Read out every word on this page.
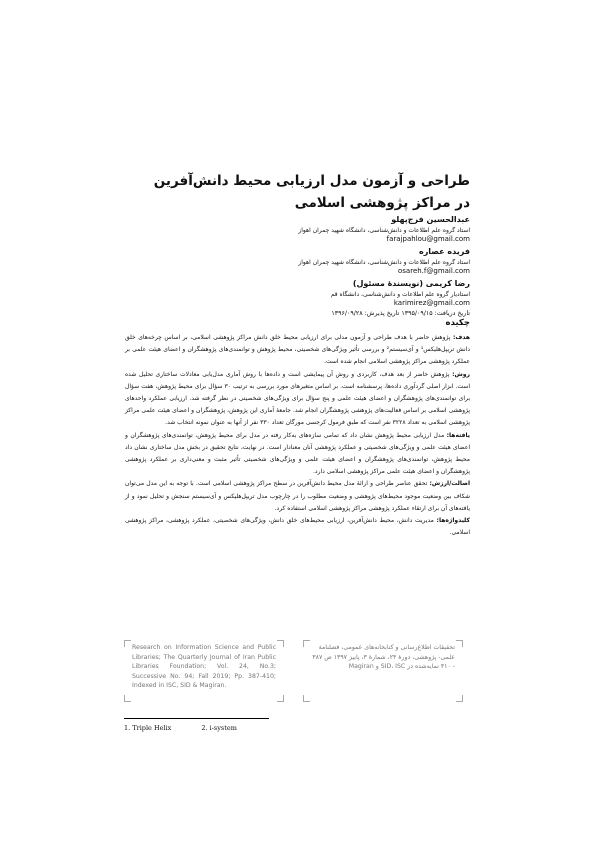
طراحی و آزمون مدل ارزیابی محیط دانش‌آفرین
در مراکز پژوهشی اسلامی
عبدالحسین فرج‌پهلو
استاد گروه علم اطلاعات و دانش‌شناسی، دانشگاه شهید چمران اهواز
farajpahlou@gmail.com
فریده عصاره
استاد گروه علم اطلاعات و دانش‌شناسی، دانشگاه شهید چمران اهواز
osareh.f@gmail.com
رضا کریمی (نویسندهٔ مسئول)
استادیار گروه علم اطلاعات و دانش‌شناسی، دانشگاه قم
karimirez@gmail.com
تاریخ دریافت: ۱۳۹۵/۰۹/۱۵ تاریخ پذیرش: ۱۳۹۶/۰۹/۲۸
چکیده

هدف: پژوهش حاضر با هدف طراحی و آزمون مدلی برای ارزیابی محیط خلق دانش مراکز پژوهشی اسلامی، بر اساس چرخه‌های خلق دانش تریپل‌هلیکس¹ و آی‌سیستم² و بررسی تأثیر ویژگی‌های شخصیتی، محیط پژوهش و توانمندی‌های پژوهشگران و اعضای هیئت علمی بر عملکرد پژوهشی مراکز پژوهشی اسلامی انجام شده است.

روش: پژوهش حاضر از بعد هدف، کاربردی و روش آن پیمایشی است و داده‌ها با روش آماری مدل‌یابی معادلات ساختاری تحلیل شده است. ابزار اصلی گردآوری داده‌ها، پرسشنامه است. بر اساس متغیرهای مورد بررسی به ترتیب ۳۰ سؤال برای محیط پژوهش، هفت سؤال برای توانمندی‌های پژوهشگران و اعضای هیئت علمی و پنج سؤال برای ویژگی‌های شخصیتی در نظر گرفته شد. ارزیابی عملکرد واحدهای پژوهشی اسلامی بر اساس فعالیت‌های پژوهشی پژوهشگران انجام شد. جامعهٔ آماری این پژوهش، پژوهشگران و اعضای هیئت علمی مراکز پژوهشی اسلامی به تعداد ۳۲۲۸ نفر است که طبق فرمول کرجسی مورگان تعداد ۳۳۰ نفر از آنها به عنوان نمونه انتخاب شد.

یافته‌ها: مدل ارزیابی محیط پژوهش نشان داد که تمامی سازه‌های به‌کار رفته در مدل برای محیط پژوهش، توانمندی‌های پژوهشگران و اعضای هیئت علمی و ویژگی‌های شخصیتی و عملکرد پژوهشی آنان معنادار است. در نهایت، نتایج تحقیق در بخش مدل ساختاری نشان داد محیط پژوهش، توانمندی‌های پژوهشگران و اعضای هیئت علمی و ویژگی‌های شخصیتی تأثیر مثبت و معنی‌داری بر عملکرد پژوهشی پژوهشگران و اعضای هیئت علمی مراکز پژوهشی اسلامی دارد.

اصالت/ارزش: تحقق عناصر طراحی و ارائهٔ مدل محیط دانش‌آفرین در سطح مراکز پژوهشی اسلامی است. با توجه به این مدل می‌توان شکاف بین وضعیت موجود محیط‌های پژوهشی و وضعیت مطلوب را در چارچوب مدل تریپل‌هلیکس و آی‌سیستم سنجش و تحلیل نمود و از یافته‌های آن برای ارتقاء عملکرد پژوهشی مراکز پژوهشی اسلامی استفاده کرد.

کلیدواژه‌ها: مدیریت دانش، محیط دانش‌آفرین، ارزیابی محیط‌های خلق دانش، ویژگی‌های شخصیتی، عملکرد پژوهشی، مراکز پژوهشی اسلامی.

Research on Information Science and Public Libraries; The Quarterly Journal of Iran Public Libraries Foundation; Vol. 24, No.3; Successive No. 94; Fall 2019; Pp. 387-410; Indexed in ISC, SID & Magiran.
تحقیقات اطلاع‌رسانی و کتابخانه‌های عمومی، فصلنامهٔ علمی- پژوهشی، دورهٔ ۲۴، شمارهٔ ۳، پاییز ۱۳۹۷ ص ۳۸۷ - ۴۱۰ نمایه‌شده در SID، ISC و Magiran
1. Triple Helix	2. i-system
